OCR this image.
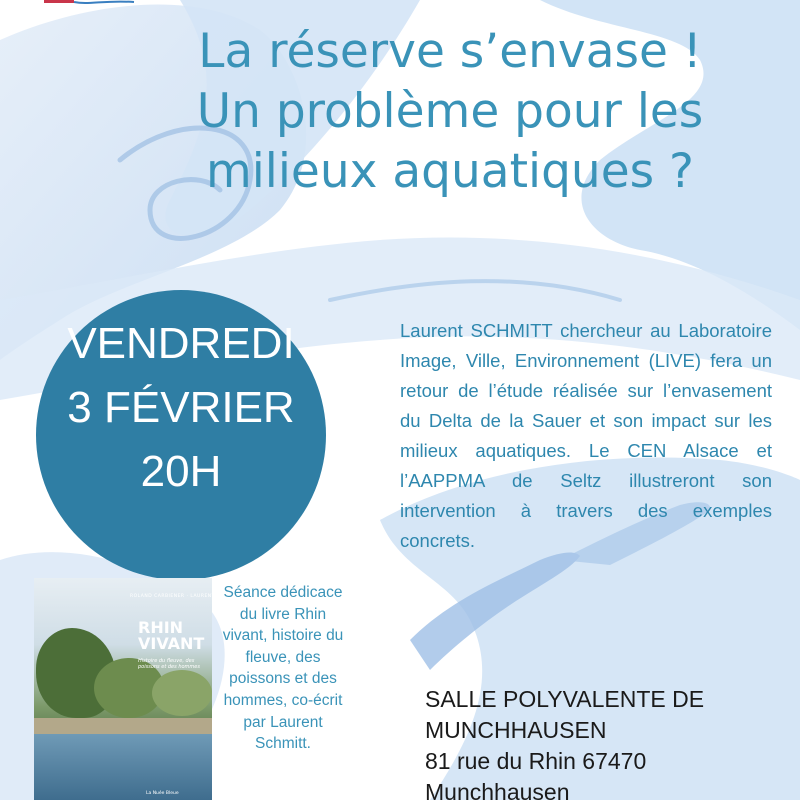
La réserve s’envase !
Un problème pour les
milieux aquatiques ?
VENDREDI
3 FÉVRIER
20H

Laurent SCHMITT chercheur au Laboratoire Image, Ville, Environnement (LIVE) fera un retour de l’étude réalisée sur l’envasement du Delta de la Sauer et son impact sur les milieux aquatiques. Le CEN Alsace et l’AAPPMA de Seltz illustreront son intervention à travers des exemples concrets.

ROLAND CARBIENER · LAURENT SCHMITT
RHIN
VIVANT
Histoire du fleuve, des poissons et des hommes
La Nuée Bleue

Séance dédicace du livre Rhin vivant, histoire du fleuve, des poissons et des hommes, co-écrit par Laurent Schmitt.

SALLE POLYVALENTE DE
MUNCHHAUSEN
81 rue du Rhin 67470
Munchhausen
